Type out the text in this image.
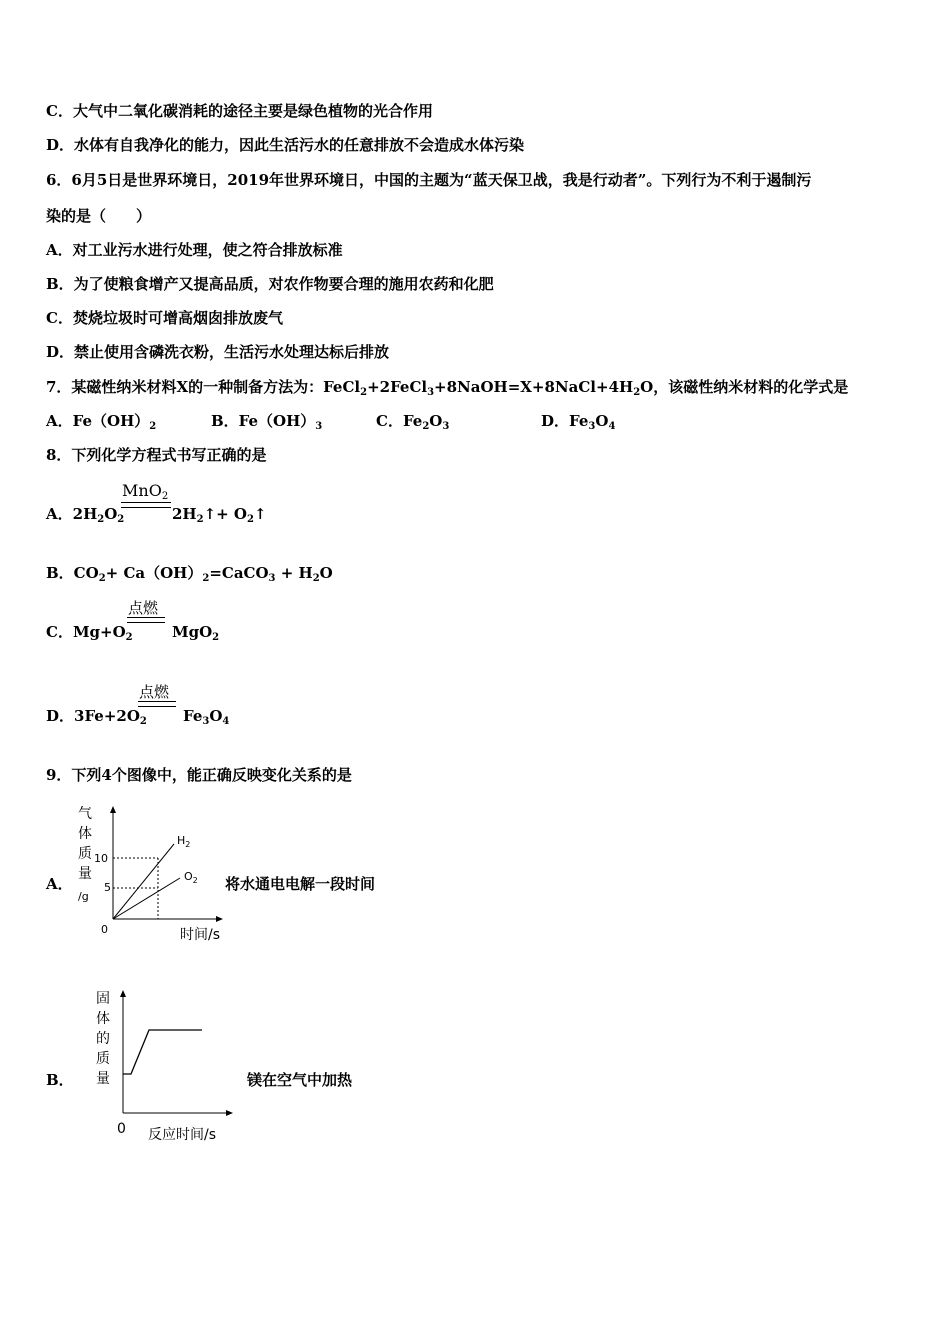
C．大气中二氧化碳消耗的途径主要是绿色植物的光合作用
D．水体有自我净化的能力，因此生活污水的任意排放不会造成水体污染
6．6月5日是世界环境日，2019年世界环境日，中国的主题为“蓝天保卫战，我是行动者”。下列行为不利于遏制污
染的是（　　）
A．对工业污水进行处理，使之符合排放标准
B．为了使粮食增产又提高品质，对农作物要合理的施用农药和化肥
C．焚烧垃圾时可增高烟囱排放废气
D．禁止使用含磷洗衣粉，生活污水处理达标后排放
7．某磁性纳米材料X的一种制备方法为：$FeCl_2+2FeCl_3+8NaOH=X+8NaCl+4H_2O$，该磁性纳米材料的化学式是
A．$Fe(OH)_2$	B．$Fe(OH)_3$	C．$Fe_2O_3$	D．$Fe_3O_4$
8．下列化学方程式书写正确的是
A．$2H_2O_2$
MnO$_2$
$2H_2↑+$ $O_2↑$
B．$CO_2+$ $Ca(OH)_2=CaCO_3 + H_2O$
C．$Mg+O_2$
点燃
MgO$_2$
D．$3Fe+2O_2$
点燃
$Fe_3O_4$
9．下列4个图像中，能正确反映变化关系的是
A．	将水通电电解一段时间
气
体
质
量
/g
时间/s
0
10
5
$H_2$
$O_2$
B．	镁在空气中加热
固
体
的
质
量
反应时间/s
0
